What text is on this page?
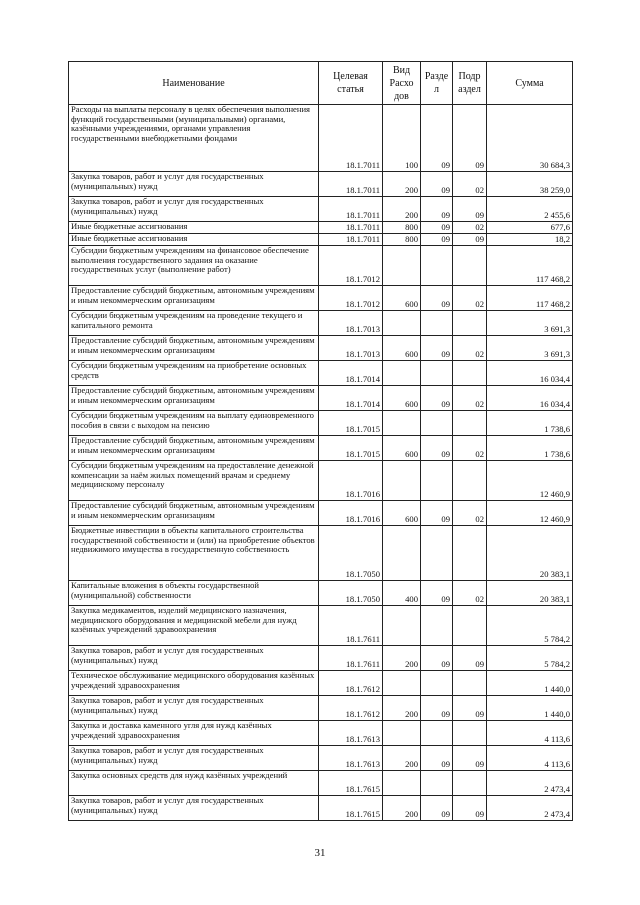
Наименование	Целевая статья	Вид Расхо дов	Разде л	Подр аздел	Сумма
Расходы на выплаты персоналу в целях обеспечения выполнения функций государственными (муниципальными) органами, казёнными учреждениями, органами управления государственными внебюджетными фондами	18.1.7011	100	09	09	30 684,3
Закупка товаров, работ и услуг для государственных (муниципальных) нужд	18.1.7011	200	09	02	38 259,0
Закупка товаров, работ и услуг для государственных (муниципальных) нужд	18.1.7011	200	09	09	2 455,6
Иные бюджетные ассигнования	18.1.7011	800	09	02	677,6
Иные бюджетные ассигнования	18.1.7011	800	09	09	18,2
Субсидии бюджетным учреждениям на финансовое обеспечение выполнения государственного задания на оказание государственных услуг (выполнение работ)	18.1.7012				117 468,2
Предоставление субсидий бюджетным, автономным учреждениям и иным некоммерческим организациям	18.1.7012	600	09	02	117 468,2
Субсидии бюджетным учреждениям на проведение текущего и капитального ремонта	18.1.7013				3 691,3
Предоставление субсидий бюджетным, автономным учреждениям и иным некоммерческим организациям	18.1.7013	600	09	02	3 691,3
Субсидии бюджетным учреждениям на приобретение основных средств	18.1.7014				16 034,4
Предоставление субсидий бюджетным, автономным учреждениям и иным некоммерческим организациям	18.1.7014	600	09	02	16 034,4
Субсидии бюджетным учреждениям на выплату единовременного пособия в связи с выходом на пенсию	18.1.7015				1 738,6
Предоставление субсидий бюджетным, автономным учреждениям и иным некоммерческим организациям	18.1.7015	600	09	02	1 738,6
Субсидии бюджетным учреждениям на предоставление денежной компенсации за наём жилых помещений врачам и среднему медицинскому персоналу	18.1.7016				12 460,9
Предоставление субсидий бюджетным, автономным учреждениям и иным некоммерческим организациям	18.1.7016	600	09	02	12 460,9
Бюджетные инвестиции в объекты капитального строительства государственной собственности и (или) на приобретение объектов недвижимого имущества в государственную собственность	18.1.7050				20 383,1
Капитальные вложения в объекты государственной (муниципальной) собственности	18.1.7050	400	09	02	20 383,1
Закупка медикаментов, изделий медицинского назначения, медицинского оборудования и медицинской мебели для нужд казённых учреждений здравоохранения	18.1.7611				5 784,2
Закупка товаров, работ и услуг для государственных (муниципальных) нужд	18.1.7611	200	09	09	5 784,2
Техническое обслуживание медицинского оборудования казённых учреждений здравоохранения	18.1.7612				1 440,0
Закупка товаров, работ и услуг для государственных (муниципальных) нужд	18.1.7612	200	09	09	1 440,0
Закупка и доставка каменного угля для нужд казённых учреждений здравоохранения	18.1.7613				4 113,6
Закупка товаров, работ и услуг для государственных (муниципальных) нужд	18.1.7613	200	09	09	4 113,6
Закупка основных средств для нужд казённых учреждений	18.1.7615				2 473,4
Закупка товаров, работ и услуг для государственных (муниципальных) нужд	18.1.7615	200	09	09	2 473,4
31
